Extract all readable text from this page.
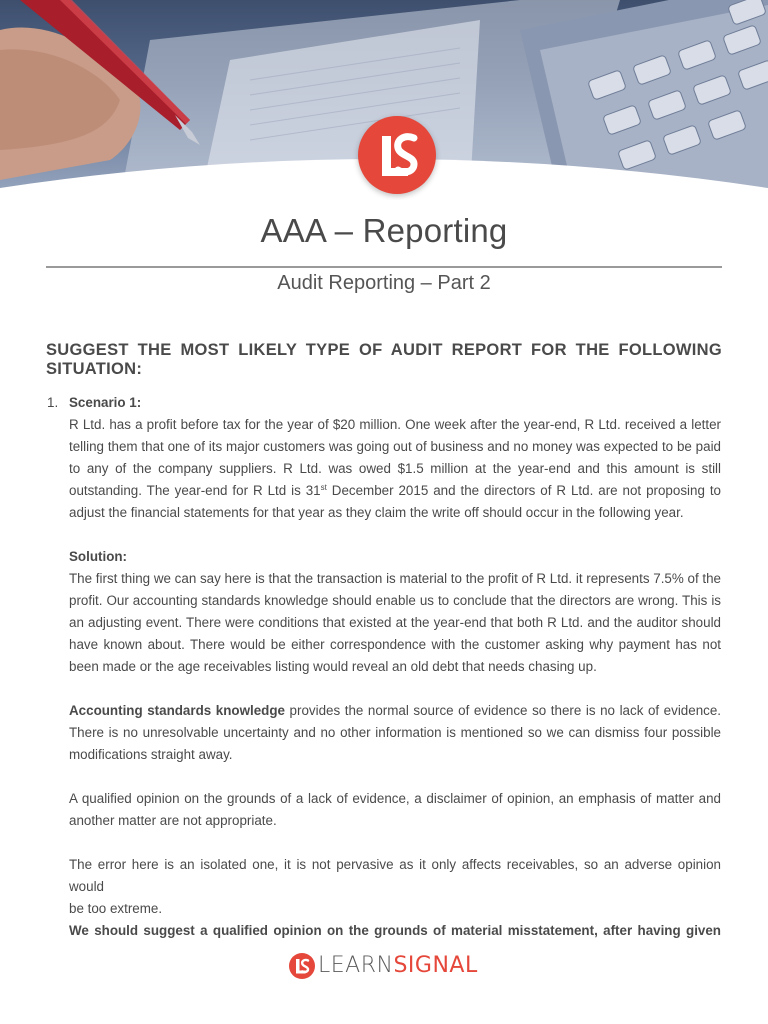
AAA – Reporting
Audit Reporting – Part 2
SUGGEST THE MOST LIKELY TYPE OF AUDIT REPORT FOR THE FOLLOWING SITUATION:
1. Scenario 1:
R Ltd. has a profit before tax for the year of $20 million. One week after the year-end, R Ltd. received a letter
telling them that one of its major customers was going out of business and no money was expected to be paid
to any of the company suppliers. R Ltd. was owed $1.5 million at the year-end and this amount is still
outstanding. The year-end for R Ltd is 31st December 2015 and the directors of R Ltd. are not proposing to
adjust the financial statements for that year as they claim the write off should occur in the following year.
Solution:
The first thing we can say here is that the transaction is material to the profit of R Ltd. it represents 7.5% of the
profit. Our accounting standards knowledge should enable us to conclude that the directors are wrong. This is
an adjusting event. There were conditions that existed at the year-end that both R Ltd. and the auditor should
have known about. There would be either correspondence with the customer asking why payment has not
been made or the age receivables listing would reveal an old debt that needs chasing up.
Accounting standards knowledge provides the normal source of evidence so there is no lack of evidence.
There is no unresolvable uncertainty and no other information is mentioned so we can dismiss four possible
modifications straight away.
A qualified opinion on the grounds of a lack of evidence, a disclaimer of opinion, an emphasis of matter and
another matter are not appropriate.
The error here is an isolated one, it is not pervasive as it only affects receivables, so an adverse opinion would
be too extreme.
We should suggest a qualified opinion on the grounds of material misstatement, after having given
LEARNSIGNAL
